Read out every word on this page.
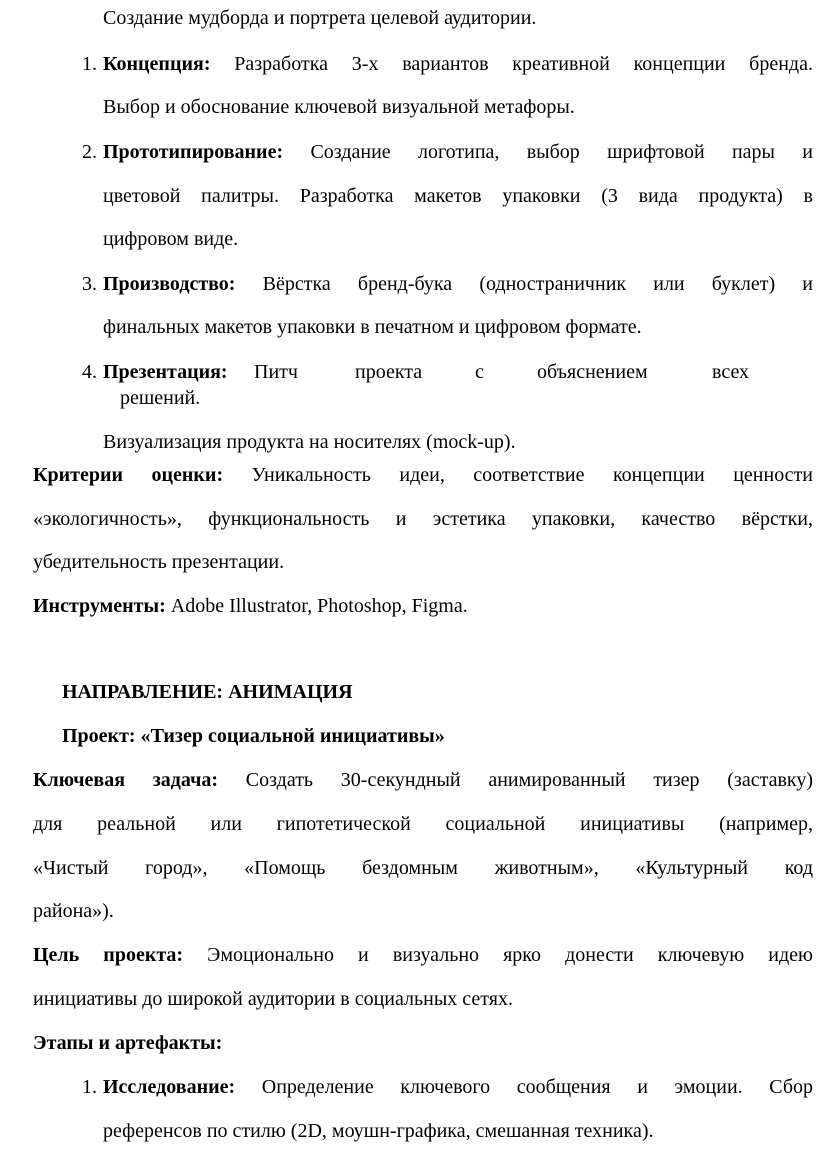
Создание мудборда и портрета целевой аудитории.
1. Концепция: Разработка 3-х вариантов креативной концепции бренда.
Выбор и обоснование ключевой визуальной метафоры.
2. Прототипирование: Создание логотипа, выбор шрифтовой пары и
цветовой палитры. Разработка макетов упаковки (3 вида продукта) в
цифровом виде.
3. Производство: Вёрстка бренд-бука (одностраничник или буклет) и
финальных макетов упаковки в печатном и цифровом формате.
4. Презентация: Питч	проекта	с	объяснением	всех
решений.
Визуализация продукта на носителях (mock-up).
Критерии оценки: Уникальность идеи, соответствие концепции ценности
«экологичность», функциональность и эстетика упаковки, качество вёрстки,
убедительность презентации.
Инструменты: Adobe Illustrator, Photoshop, Figma.
НАПРАВЛЕНИЕ: АНИМАЦИЯ
Проект: «Тизер социальной инициативы»
Ключевая задача: Создать 30-секундный анимированный тизер (заставку)
для реальной или гипотетической социальной инициативы (например,
«Чистый город», «Помощь бездомным животным», «Культурный код
района»).
Цель проекта: Эмоционально и визуально ярко донести ключевую идею
инициативы до широкой аудитории в социальных сетях.
Этапы и артефакты:
1. Исследование: Определение ключевого сообщения и эмоции. Сбор
референсов по стилю (2D, моушн-графика, смешанная техника).
